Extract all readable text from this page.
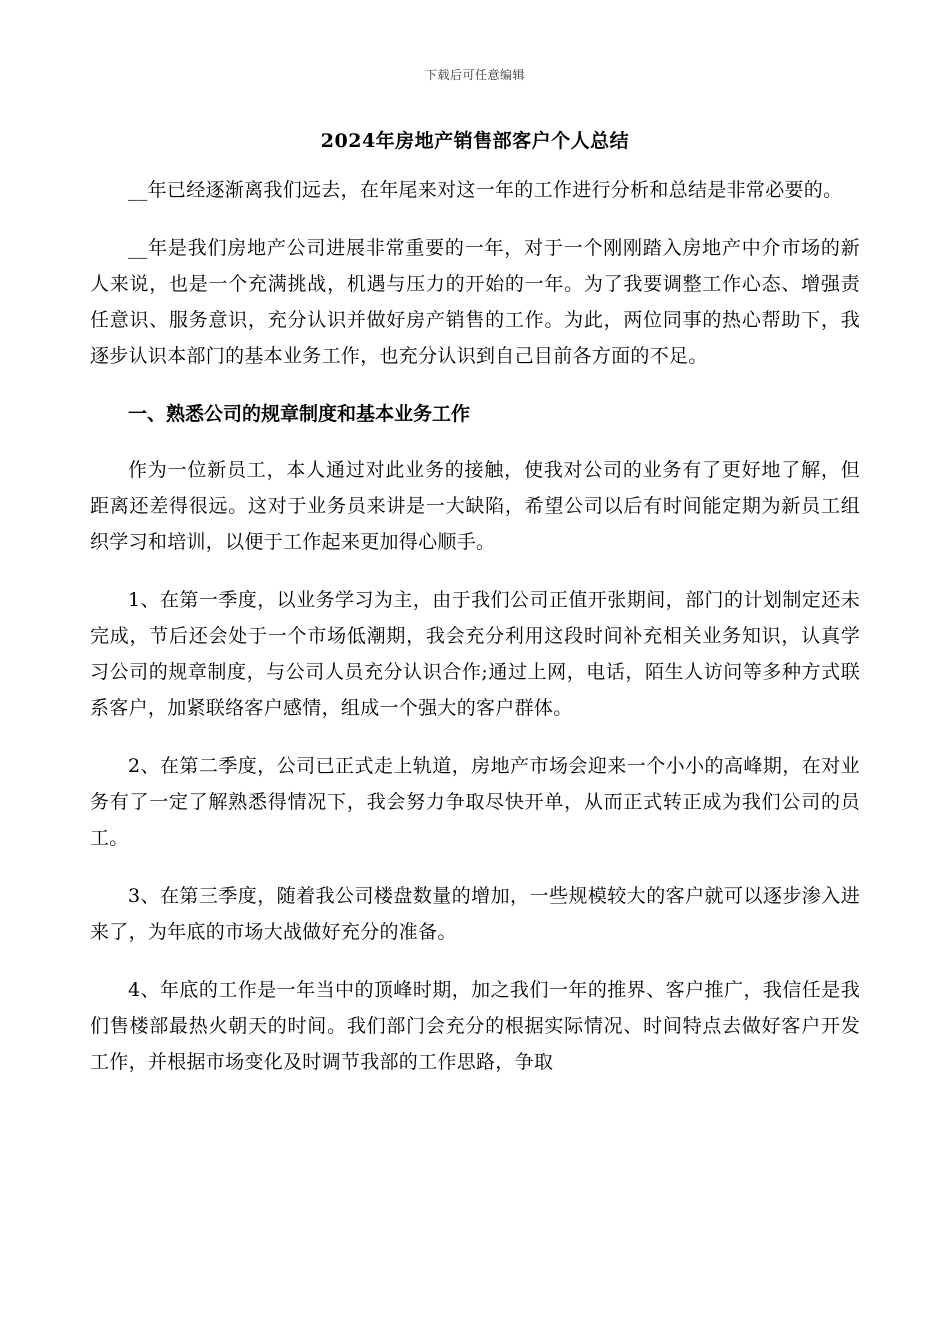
下载后可任意编辑
2024年房地产销售部客户个人总结

__年已经逐渐离我们远去，在年尾来对这一年的工作进行分析和总结是非常必要的。

__年是我们房地产公司进展非常重要的一年，对于一个刚刚踏入房地产中介市场的新人来说，也是一个充满挑战，机遇与压力的开始的一年。为了我要调整工作心态、增强责任意识、服务意识，充分认识并做好房产销售的工作。为此，两位同事的热心帮助下，我逐步认识本部门的基本业务工作，也充分认识到自己目前各方面的不足。

一、熟悉公司的规章制度和基本业务工作

作为一位新员工，本人通过对此业务的接触，使我对公司的业务有了更好地了解，但距离还差得很远。这对于业务员来讲是一大缺陷，希望公司以后有时间能定期为新员工组织学习和培训，以便于工作起来更加得心顺手。

1、在第一季度，以业务学习为主，由于我们公司正值开张期间，部门的计划制定还未完成，节后还会处于一个市场低潮期，我会充分利用这段时间补充相关业务知识，认真学习公司的规章制度，与公司人员充分认识合作;通过上网，电话，陌生人访问等多种方式联系客户，加紧联络客户感情，组成一个强大的客户群体。

2、在第二季度，公司已正式走上轨道，房地产市场会迎来一个小小的高峰期，在对业务有了一定了解熟悉得情况下，我会努力争取尽快开单，从而正式转正成为我们公司的员工。

3、在第三季度，随着我公司楼盘数量的增加，一些规模较大的客户就可以逐步渗入进来了，为年底的市场大战做好充分的准备。

4、年底的工作是一年当中的顶峰时期，加之我们一年的推界、客户推广，我信任是我们售楼部最热火朝天的时间。我们部门会充分的根据实际情况、时间特点去做好客户开发工作，并根据市场变化及时调节我部的工作思路，争取
